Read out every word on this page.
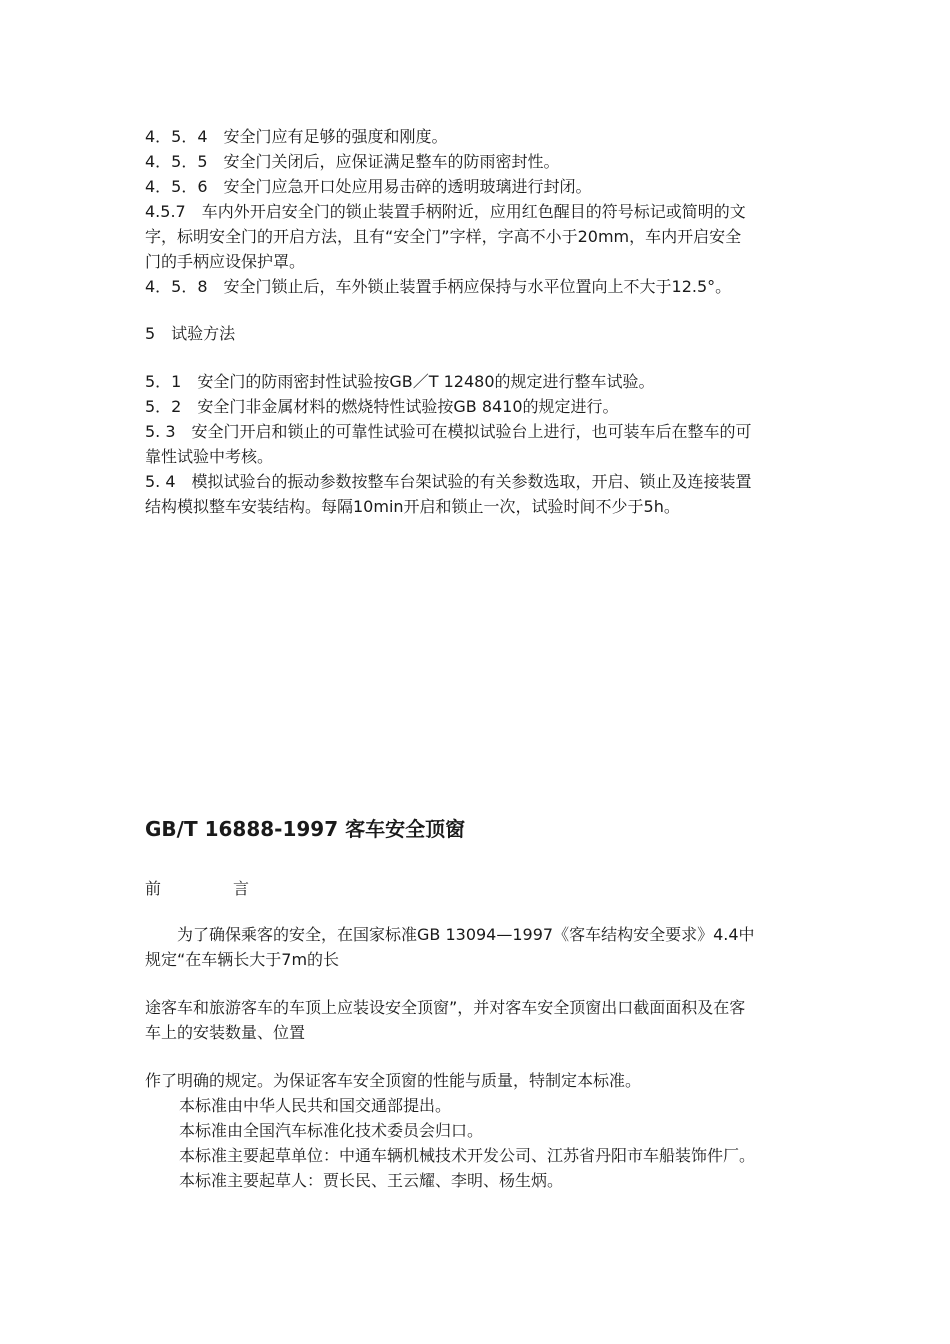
4．5．4　安全门应有足够的强度和刚度。

4．5．5　安全门关闭后，应保证满足整车的防雨密封性。

4．5．6　安全门应急开口处应用易击碎的透明玻璃进行封闭。

4.5.7　车内外开启安全门的锁止装置手柄附近，应用红色醒目的符号标记或简明的文

字，标明安全门的开启方法，且有“安全门”字样，字高不小于20mm，车内开启安全

门的手柄应设保护罩。

4．5．8　安全门锁止后，车外锁止装置手柄应保持与水平位置向上不大于12.5°。

5　试验方法

5．1　安全门的防雨密封性试验按GB／T 12480的规定进行整车试验。

5．2　安全门非金属材料的燃烧特性试验按GB 8410的规定进行。

5. 3　安全门开启和锁止的可靠性试验可在模拟试验台上进行，也可装车后在整车的可

靠性试验中考核。

5. 4　模拟试验台的振动参数按整车台架试验的有关参数选取，开启、锁止及连接装置

结构模拟整车安装结构。每隔10min开启和锁止一次，试验时间不少于5h。

GB/T 16888-1997 客车安全顶窗
前	言

　　为了确保乘客的安全，在国家标准GB 13094—1997《客车结构安全要求》4.4中

规定“在车辆长大于7m的长

途客车和旅游客车的车顶上应装设安全顶窗”，并对客车安全顶窗出口截面面积及在客

车上的安装数量、位置

作了明确的规定。为保证客车安全顶窗的性能与质量，特制定本标准。

本标准由中华人民共和国交通部提出。

本标准由全国汽车标准化技术委员会归口。

本标准主要起草单位：中通车辆机械技术开发公司、江苏省丹阳市车船装饰件厂。

本标准主要起草人：贾长民、王云耀、李明、杨生炳。
